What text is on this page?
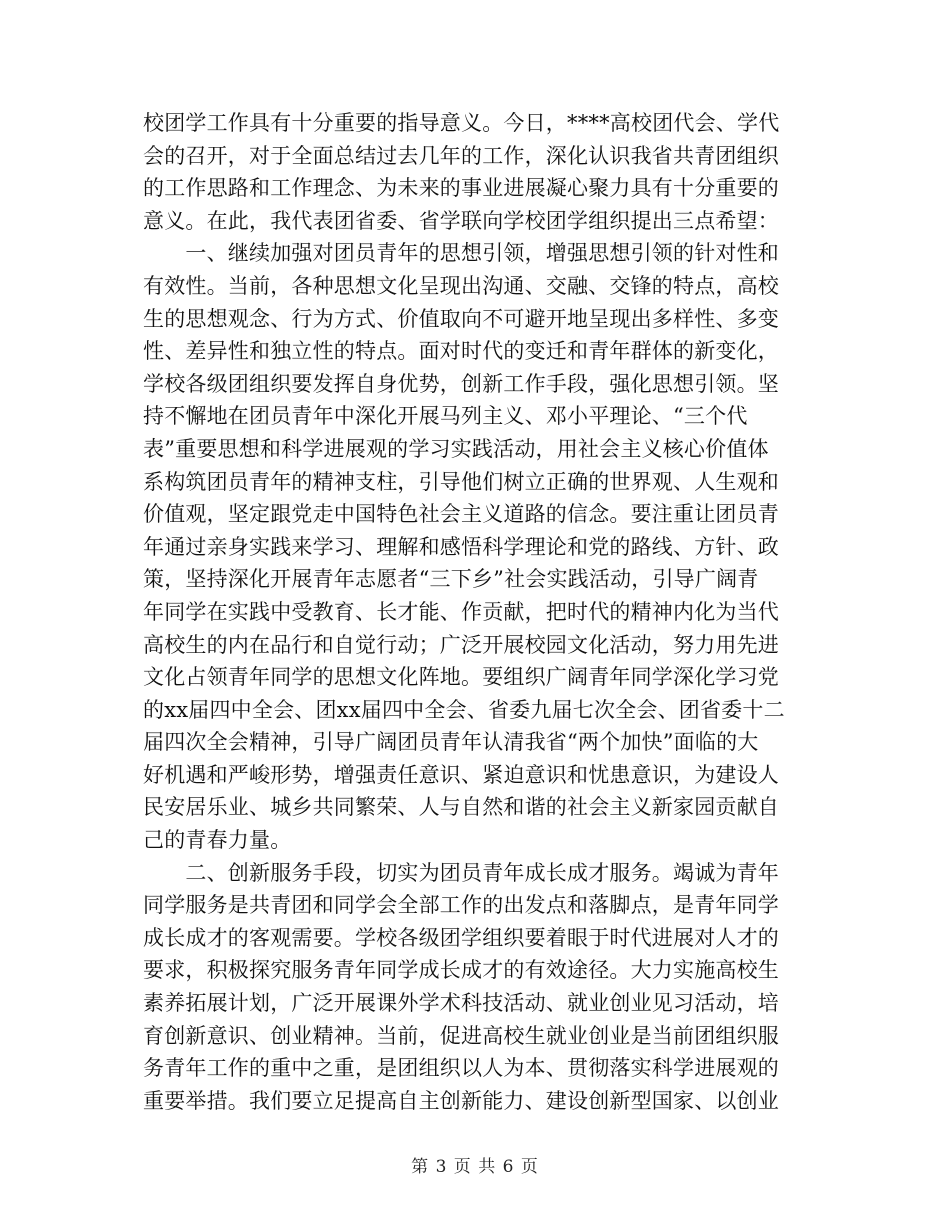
校团学工作具有十分重要的指导意义。今日，****高校团代会、学代
会的召开，对于全面总结过去几年的工作，深化认识我省共青团组织
的工作思路和工作理念、为未来的事业进展凝心聚力具有十分重要的
意义。在此，我代表团省委、省学联向学校团学组织提出三点希望：
　　一、继续加强对团员青年的思想引领，增强思想引领的针对性和
有效性。当前，各种思想文化呈现出沟通、交融、交锋的特点，高校
生的思想观念、行为方式、价值取向不可避开地呈现出多样性、多变
性、差异性和独立性的特点。面对时代的变迁和青年群体的新变化，
学校各级团组织要发挥自身优势，创新工作手段，强化思想引领。坚
持不懈地在团员青年中深化开展马列主义、邓小平理论、“三个代
表”重要思想和科学进展观的学习实践活动，用社会主义核心价值体
系构筑团员青年的精神支柱，引导他们树立正确的世界观、人生观和
价值观，坚定跟党走中国特色社会主义道路的信念。要注重让团员青
年通过亲身实践来学习、理解和感悟科学理论和党的路线、方针、政
策，坚持深化开展青年志愿者“三下乡”社会实践活动，引导广阔青
年同学在实践中受教育、长才能、作贡献，把时代的精神内化为当代
高校生的内在品行和自觉行动；广泛开展校园文化活动，努力用先进
文化占领青年同学的思想文化阵地。要组织广阔青年同学深化学习党
的xx届四中全会、团xx届四中全会、省委九届七次全会、团省委十二
届四次全会精神，引导广阔团员青年认清我省“两个加快”面临的大
好机遇和严峻形势，增强责任意识、紧迫意识和忧患意识，为建设人
民安居乐业、城乡共同繁荣、人与自然和谐的社会主义新家园贡献自
己的青春力量。
　　二、创新服务手段，切实为团员青年成长成才服务。竭诚为青年
同学服务是共青团和同学会全部工作的出发点和落脚点，是青年同学
成长成才的客观需要。学校各级团学组织要着眼于时代进展对人才的
要求，积极探究服务青年同学成长成才的有效途径。大力实施高校生
素养拓展计划，广泛开展课外学术科技活动、就业创业见习活动，培
育创新意识、创业精神。当前，促进高校生就业创业是当前团组织服
务青年工作的重中之重，是团组织以人为本、贯彻落实科学进展观的
重要举措。我们要立足提高自主创新能力、建设创新型国家、以创业
第 3 页 共 6 页
